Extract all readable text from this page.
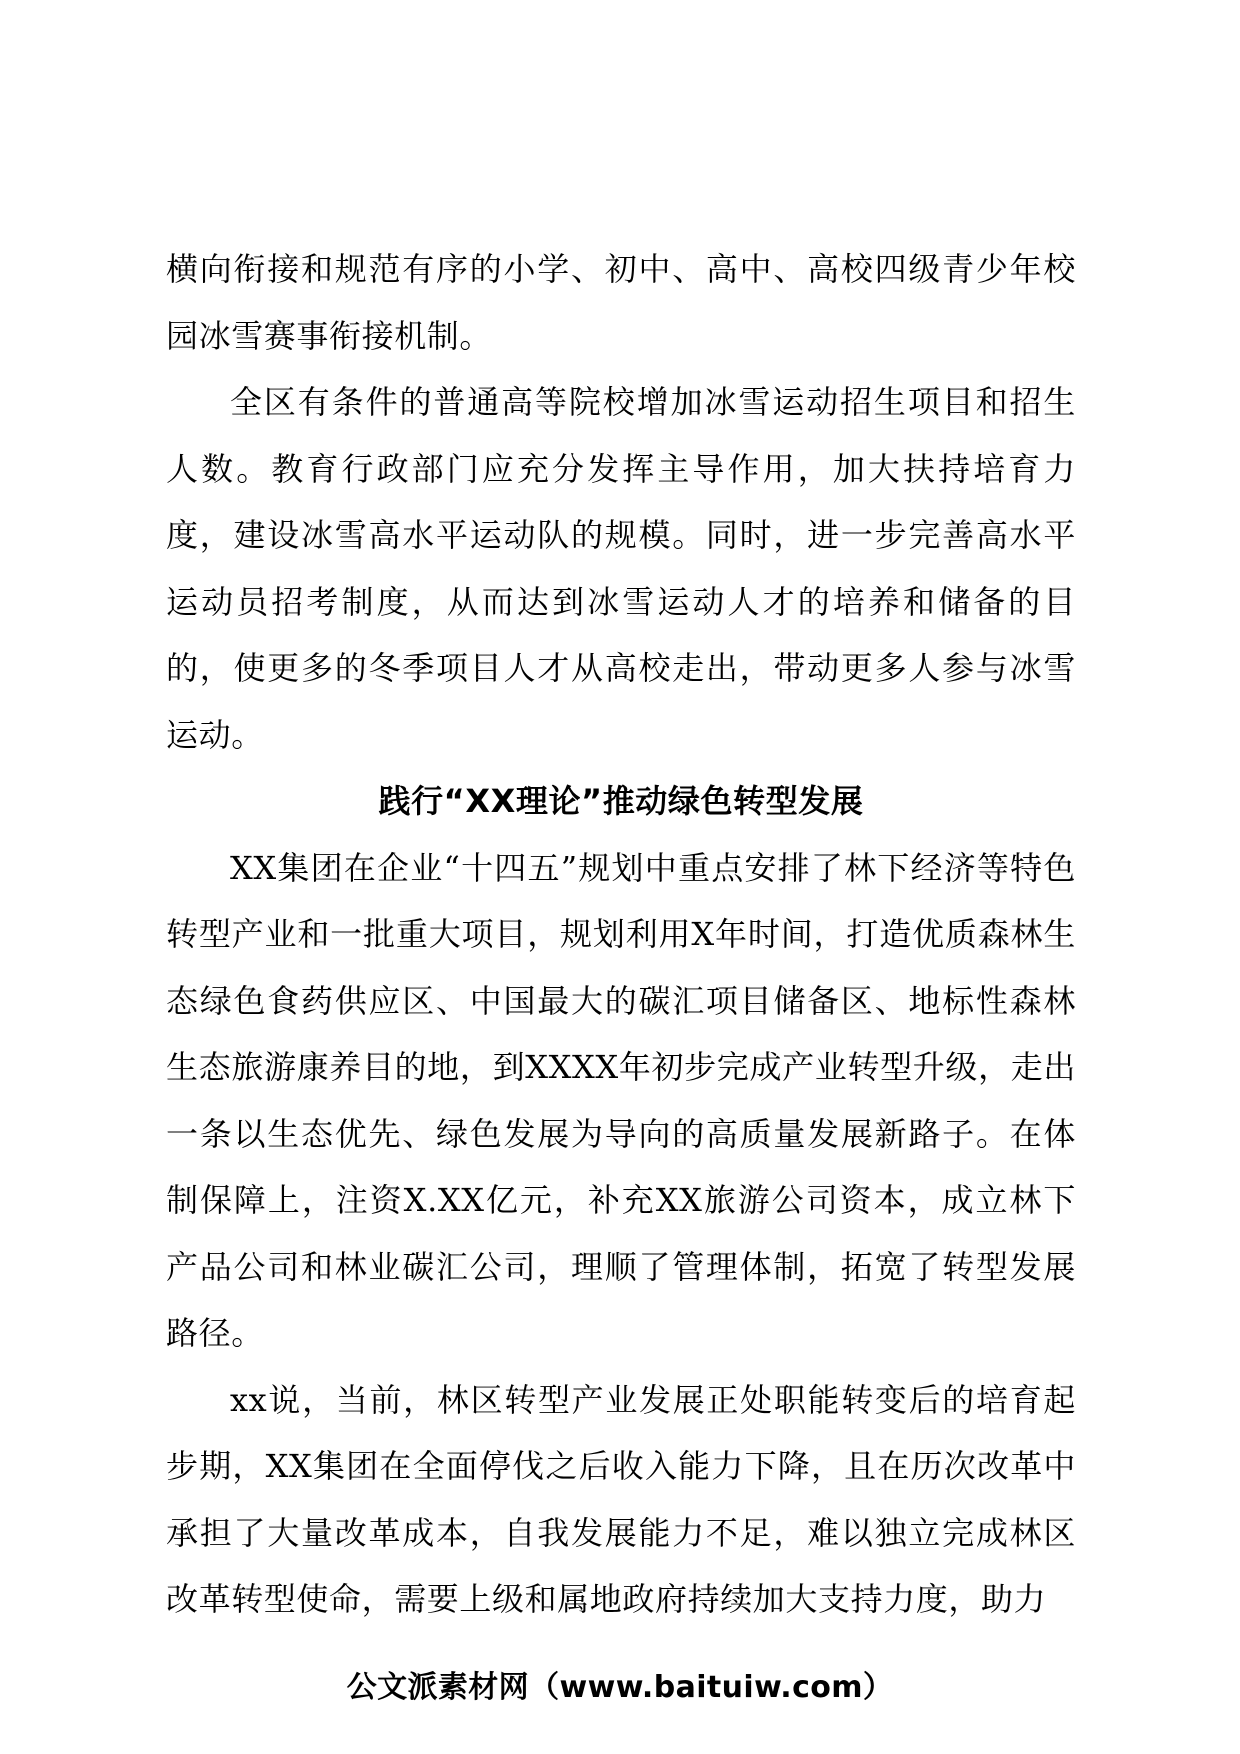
横向衔接和规范有序的小学、初中、高中、高校四级青少年校园冰雪赛事衔接机制。

全区有条件的普通高等院校增加冰雪运动招生项目和招生人数。教育行政部门应充分发挥主导作用，加大扶持培育力度，建设冰雪高水平运动队的规模。同时，进一步完善高水平运动员招考制度，从而达到冰雪运动人才的培养和储备的目的，使更多的冬季项目人才从高校走出，带动更多人参与冰雪运动。

践行“XX理论”推动绿色转型发展

XX集团在企业“十四五”规划中重点安排了林下经济等特色转型产业和一批重大项目，规划利用X年时间，打造优质森林生态绿色食药供应区、中国最大的碳汇项目储备区、地标性森林生态旅游康养目的地，到XXXX年初步完成产业转型升级，走出一条以生态优先、绿色发展为导向的高质量发展新路子。在体制保障上，注资X.XX亿元，补充XX旅游公司资本，成立林下产品公司和林业碳汇公司，理顺了管理体制，拓宽了转型发展路径。

xx说，当前，林区转型产业发展正处职能转变后的培育起步期，XX集团在全面停伐之后收入能力下降，且在历次改革中承担了大量改革成本，自我发展能力不足，难以独立完成林区改革转型使命，需要上级和属地政府持续加大支持力度，助力

公文派素材网（www.baituiw.com）
